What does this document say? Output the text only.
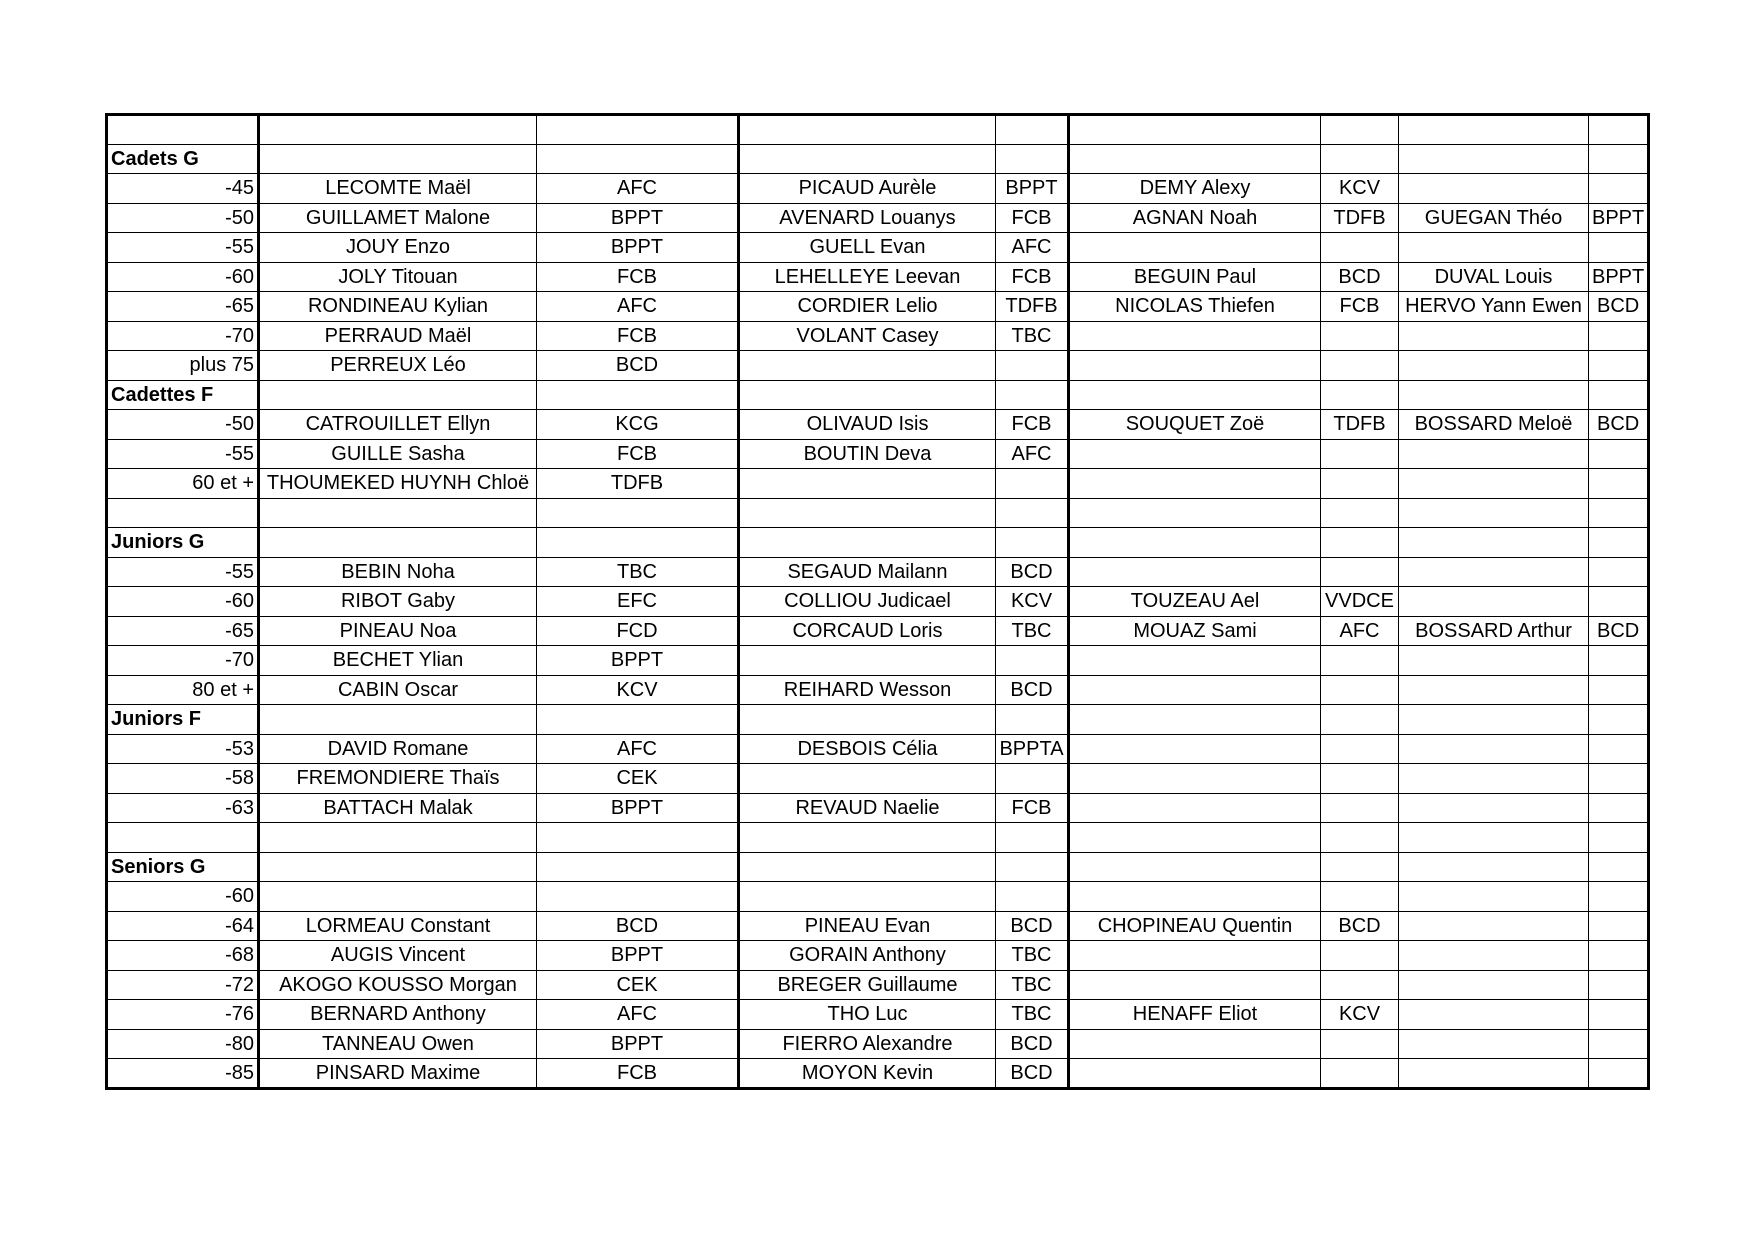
Cadets G								
-45	LECOMTE Maël	AFC	PICAUD Aurèle	BPPT	DEMY Alexy	KCV		
-50	GUILLAMET Malone	BPPT	AVENARD Louanys	FCB	AGNAN Noah	TDFB	GUEGAN Théo	BPPT
-55	JOUY Enzo	BPPT	GUELL Evan	AFC				
-60	JOLY Titouan	FCB	LEHELLEYE Leevan	FCB	BEGUIN Paul	BCD	DUVAL Louis	BPPT
-65	RONDINEAU Kylian	AFC	CORDIER Lelio	TDFB	NICOLAS Thiefen	FCB	HERVO Yann Ewen	BCD
-70	PERRAUD Maël	FCB	VOLANT Casey	TBC				
plus 75	PERREUX Léo	BCD						
Cadettes F								
-50	CATROUILLET Ellyn	KCG	OLIVAUD Isis	FCB	SOUQUET Zoë	TDFB	BOSSARD Meloë	BCD
-55	GUILLE Sasha	FCB	BOUTIN Deva	AFC				
60 et +	THOUMEKED HUYNH Chloë	TDFB						

Juniors G								
-55	BEBIN Noha	TBC	SEGAUD Mailann	BCD				
-60	RIBOT Gaby	EFC	COLLIOU Judicael	KCV	TOUZEAU Ael	VVDCE		
-65	PINEAU Noa	FCD	CORCAUD Loris	TBC	MOUAZ Sami	AFC	BOSSARD Arthur	BCD
-70	BECHET Ylian	BPPT						
80 et +	CABIN Oscar	KCV	REIHARD Wesson	BCD				
Juniors F								
-53	DAVID Romane	AFC	DESBOIS Célia	BPPTA				
-58	FREMONDIERE Thaïs	CEK						
-63	BATTACH Malak	BPPT	REVAUD Naelie	FCB				

Seniors G								
-60								
-64	LORMEAU Constant	BCD	PINEAU Evan	BCD	CHOPINEAU Quentin	BCD		
-68	AUGIS Vincent	BPPT	GORAIN Anthony	TBC				
-72	AKOGO KOUSSO Morgan	CEK	BREGER Guillaume	TBC				
-76	BERNARD Anthony	AFC	THO Luc	TBC	HENAFF Eliot	KCV		
-80	TANNEAU Owen	BPPT	FIERRO Alexandre	BCD				
-85	PINSARD Maxime	FCB	MOYON Kevin	BCD				
